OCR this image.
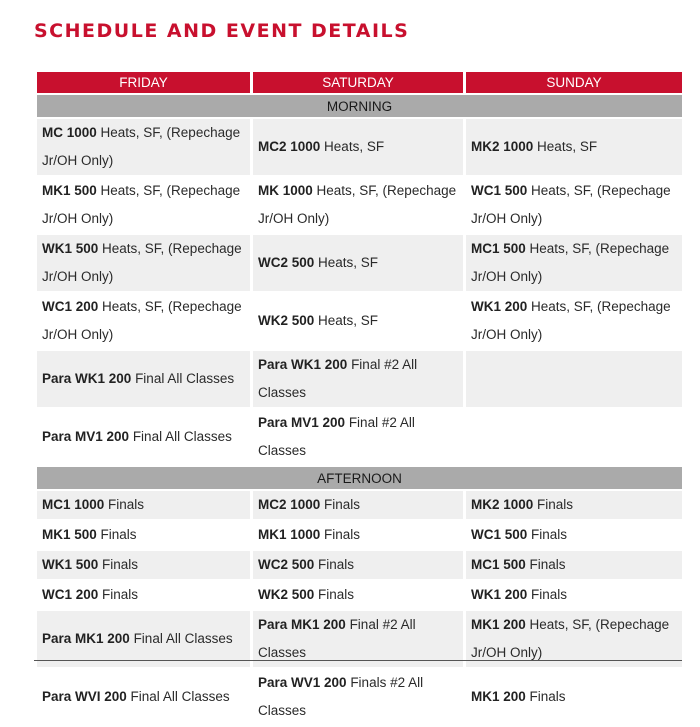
SCHEDULE AND EVENT DETAILS
FRIDAY	SATURDAY	SUNDAY
MORNING		
MC 1000 Heats, SF, (Repechage Jr/OH Only)	MC2 1000 Heats, SF	MK2 1000 Heats, SF
MK1 500 Heats, SF, (Repechage Jr/OH Only)	MK 1000 Heats, SF, (Repechage Jr/OH Only)	WC1 500 Heats, SF, (Repechage Jr/OH Only)
WK1 500 Heats, SF, (Repechage Jr/OH Only)	WC2 500 Heats, SF	MC1 500 Heats, SF, (Repechage Jr/OH Only)
WC1 200 Heats, SF, (Repechage Jr/OH Only)	WK2 500 Heats, SF	WK1 200 Heats, SF, (Repechage Jr/OH Only)
Para WK1 200 Final All Classes	Para WK1 200 Final #2 All Classes	
Para MV1 200 Final All Classes	Para MV1 200 Final #2 All Classes	
AFTERNOON		
MC1 1000 Finals	MC2 1000 Finals	MK2 1000 Finals
MK1 500 Finals	MK1 1000 Finals	WC1 500 Finals
WK1 500 Finals	WC2 500 Finals	MC1 500 Finals
WC1 200 Finals	WK2 500 Finals	WK1 200 Finals
Para MK1 200 Final All Classes	Para MK1 200 Final #2 All Classes	MK1 200 Heats, SF, (Repechage Jr/OH Only)
Para WVI 200 Final All Classes	Para WV1 200 Finals #2 All Classes	MK1 200 Finals
